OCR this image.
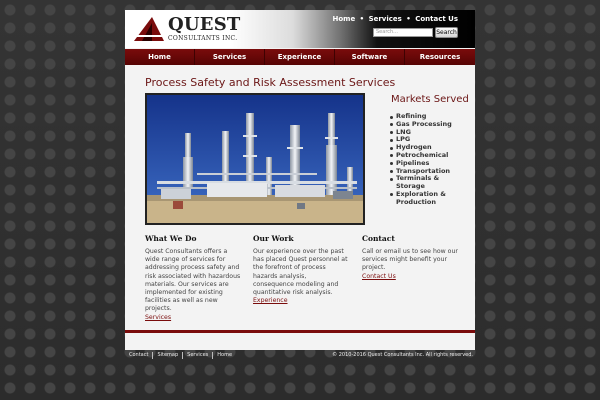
QUEST
CONSULTANTS INC.
Home • Services • Contact Us
Search...	Search
Home	Services	Experience	Software	Resources
Process Safety and Risk Assessment Services
Markets Served
Refining
Gas Processing
LNG
LPG
Hydrogen
Petrochemical
Pipelines
Transportation
Terminals & Storage
Exploration & Production
What We Do

Quest Consultants offers a wide range of services for addressing process safety and risk associated with hazardous materials. Our services are implemented for existing facilities as well as new projects.

Services
Our Work

Our experience over the past has placed Quest personnel at the forefront of process hazards analysis, consequence modeling and quantitative risk analysis.

Experience
Contact

Call or email us to see how our services might benefit your project.

Contact Us
Contact	Sitemap	Services	Home	© 2010-2016 Quest Consultants Inc. All rights reserved.
